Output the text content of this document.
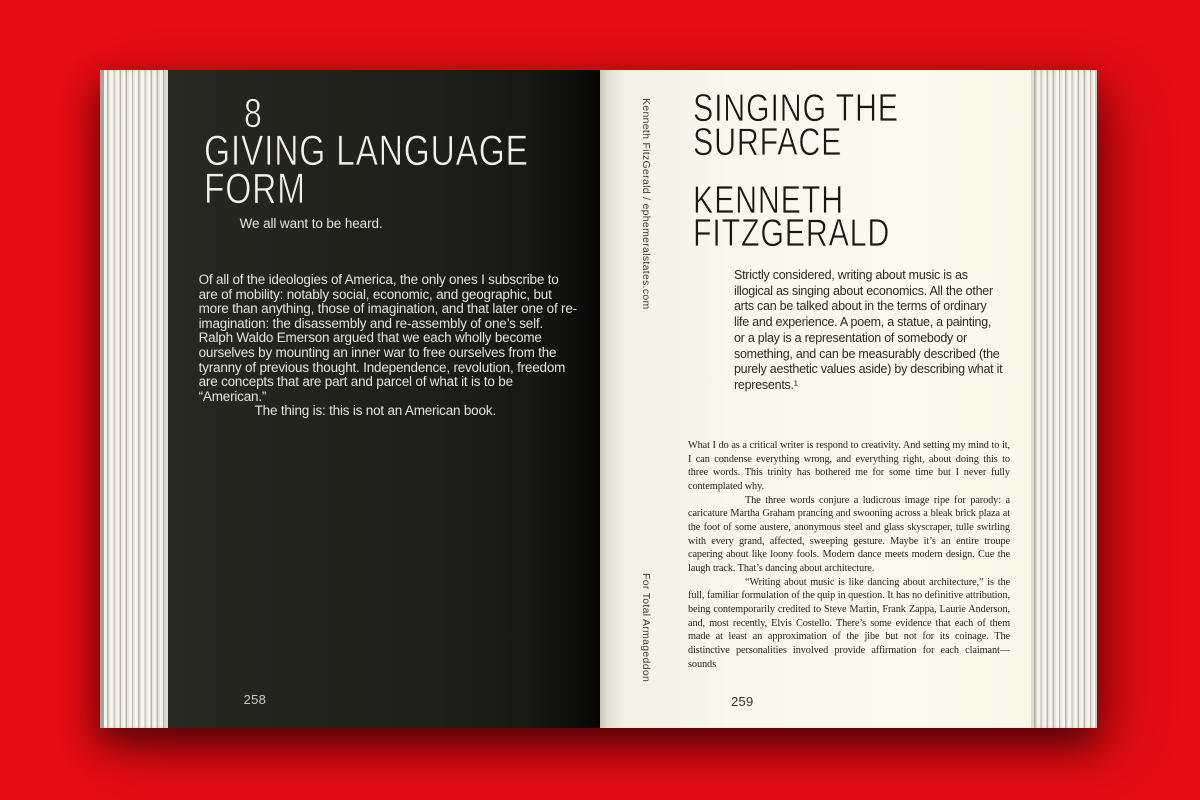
8
GIVING LANGUAGE
FORM
We all want to be heard.

Of all of the ideologies of America, the only ones I subscribe to are of mobility: notably social, economic, and geographic, but more than anything, those of imagination, and that later one of re-imagination: the disassembly and re-assembly of one’s self. Ralph Waldo Emerson argued that we each wholly become ourselves by mounting an inner war to free ourselves from the tyranny of previous thought. Independence, revolution, freedom are concepts that are part and parcel of what it is to be “American.”

The thing is: this is not an American book.

258
Kenneth FitzGerald / ephemeralstates.com
For Total Armageddon
SINGING THE
SURFACE
KENNETH
FITZGERALD
Strictly considered, writing about music is as illogical as singing about economics. All the other arts can be talked about in the terms of ordinary life and experience. A poem, a statue, a painting, or a play is a representation of somebody or something, and can be measurably described (the purely aesthetic values aside) by describing what it represents.¹

What I do as a critical writer is respond to creativity. And setting my mind to it, I can condense everything wrong, and everything right, about doing this to three words. This trinity has bothered me for some time but I never fully contemplated why.

The three words conjure a ludicrous image ripe for parody: a caricature Martha Graham prancing and swooning across a bleak brick plaza at the foot of some austere, anonymous steel and glass skyscraper, tulle swirling with every grand, affected, sweeping gesture. Maybe it’s an entire troupe capering about like loony fools. Modern dance meets modern design. Cue the laugh track. That’s dancing about architecture.

“Writing about music is like dancing about architecture,” is the full, familiar formulation of the quip in question. It has no definitive attribution, being contemporarily credited to Steve Martin, Frank Zappa, Laurie Anderson, and, most recently, Elvis Costello. There’s some evidence that each of them made at least an approximation of the jibe but not for its coinage. The distinctive personalities involved provide affirmation for each claimant—sounds

259
